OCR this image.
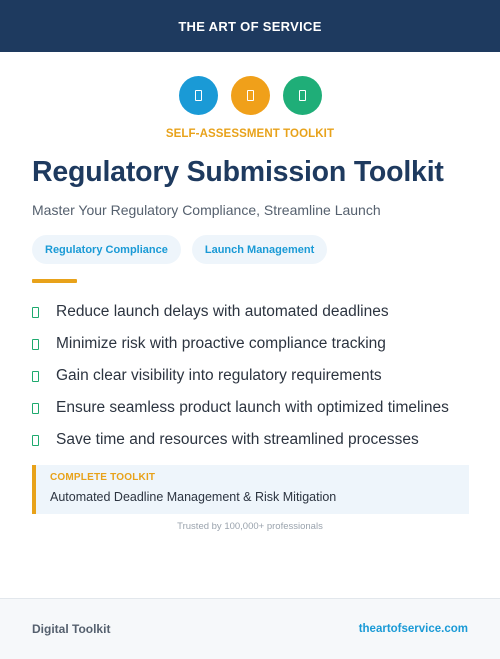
THE ART OF SERVICE
SELF-ASSESSMENT TOOLKIT
Regulatory Submission Toolkit
Master Your Regulatory Compliance, Streamline Launch
Regulatory Compliance	Launch Management
Reduce launch delays with automated deadlines
Minimize risk with proactive compliance tracking
Gain clear visibility into regulatory requirements
Ensure seamless product launch with optimized timelines
Save time and resources with streamlined processes
COMPLETE TOOLKIT
Automated Deadline Management & Risk Mitigation
Trusted by 100,000+ professionals
Digital Toolkit	theartofservice.com
